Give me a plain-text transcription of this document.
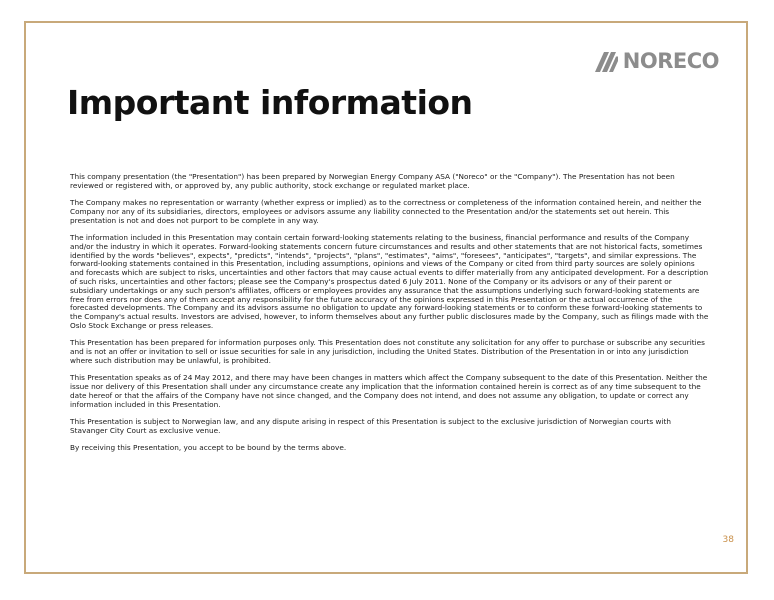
NORECO
Important information

This company presentation (the "Presentation") has been prepared by Norwegian Energy Company ASA ("Noreco" or the "Company"). The Presentation has not been reviewed or registered with, or approved by, any public authority, stock exchange or regulated market place.

The Company makes no representation or warranty (whether express or implied) as to the correctness or completeness of the information contained herein, and neither the Company nor any of its subsidiaries, directors, employees or advisors assume any liability connected to the Presentation and/or the statements set out herein. This presentation is not and does not purport to be complete in any way.

The information included in this Presentation may contain certain forward-looking statements relating to the business, financial performance and results of the Company and/or the industry in which it operates. Forward-looking statements concern future circumstances and results and other statements that are not historical facts, sometimes identified by the words "believes", expects", "predicts", "intends", "projects", "plans", "estimates", "aims", "foresees", "anticipates", "targets", and similar expressions. The forward-looking statements contained in this Presentation, including assumptions, opinions and views of the Company or cited from third party sources are solely opinions and forecasts which are subject to risks, uncertainties and other factors that may cause actual events to differ materially from any anticipated development. For a description of such risks, uncertainties and other factors; please see the Company's prospectus dated 6 July 2011. None of the Company or its advisors or any of their parent or subsidiary undertakings or any such person's affiliates, officers or employees provides any assurance that the assumptions underlying such forward-looking statements are free from errors nor does any of them accept any responsibility for the future accuracy of the opinions expressed in this Presentation or the actual occurrence of the forecasted developments. The Company and its advisors assume no obligation to update any forward-looking statements or to conform these forward-looking statements to the Company's actual results. Investors are advised, however, to inform themselves about any further public disclosures made by the Company, such as filings made with the Oslo Stock Exchange or press releases.

This Presentation has been prepared for information purposes only. This Presentation does not constitute any solicitation for any offer to purchase or subscribe any securities and is not an offer or invitation to sell or issue securities for sale in any jurisdiction, including the United States. Distribution of the Presentation in or into any jurisdiction where such distribution may be unlawful, is prohibited.

This Presentation speaks as of 24 May 2012, and there may have been changes in matters which affect the Company subsequent to the date of this Presentation. Neither the issue nor delivery of this Presentation shall under any circumstance create any implication that the information contained herein is correct as of any time subsequent to the date hereof or that the affairs of the Company have not since changed, and the Company does not intend, and does not assume any obligation, to update or correct any information included in this Presentation.

This Presentation is subject to Norwegian law, and any dispute arising in respect of this Presentation is subject to the exclusive jurisdiction of Norwegian courts with Stavanger City Court as exclusive venue.

By receiving this Presentation, you accept to be bound by the terms above.

38
